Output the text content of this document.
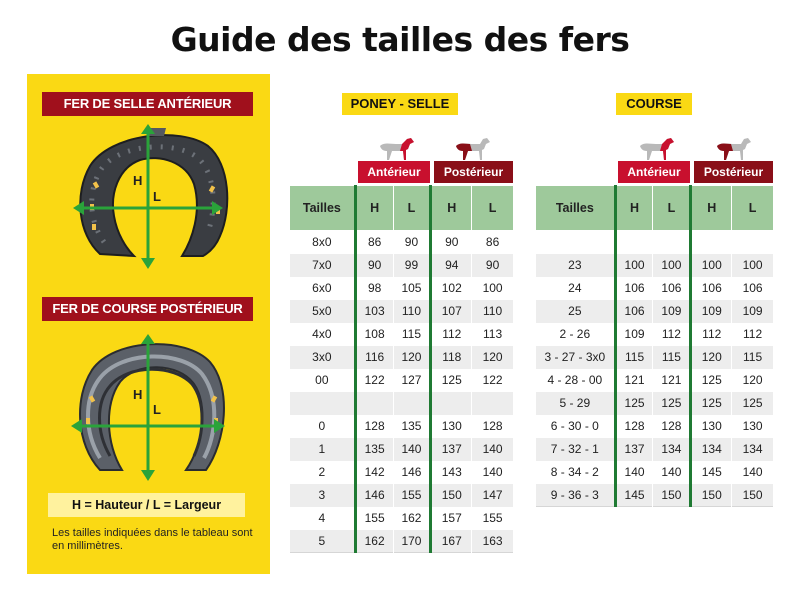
Guide des tailles des fers
FER DE SELLE ANTÉRIEUR
H
L
FER DE COURSE POSTÉRIEUR
H
L
H = Hauteur / L = Largeur
Les tailles indiquées dans le tableau sont en millimètres.
PONEY - SELLE
Antérieur	Postérieur
Tailles	H	L	H	L
8x0	86	90	90	86
7x0	90	99	94	90
6x0	98	105	102	100
5x0	103	110	107	110
4x0	108	115	112	113
3x0	116	120	118	120
00	122	127	125	122

0	128	135	130	128
1	135	140	137	140
2	142	146	143	140
3	146	155	150	147
4	155	162	157	155
5	162	170	167	163
COURSE
Antérieur	Postérieur
Tailles	H	L	H	L

23	100	100	100	100
24	106	106	106	106
25	106	109	109	109
2 - 26	109	112	112	112
3 - 27 - 3x0	115	115	120	115
4 - 28 - 00	121	121	125	120
5 - 29	125	125	125	125
6 - 30 - 0	128	128	130	130
7 - 32 - 1	137	134	134	134
8 - 34 - 2	140	140	145	140
9 - 36 - 3	145	150	150	150
